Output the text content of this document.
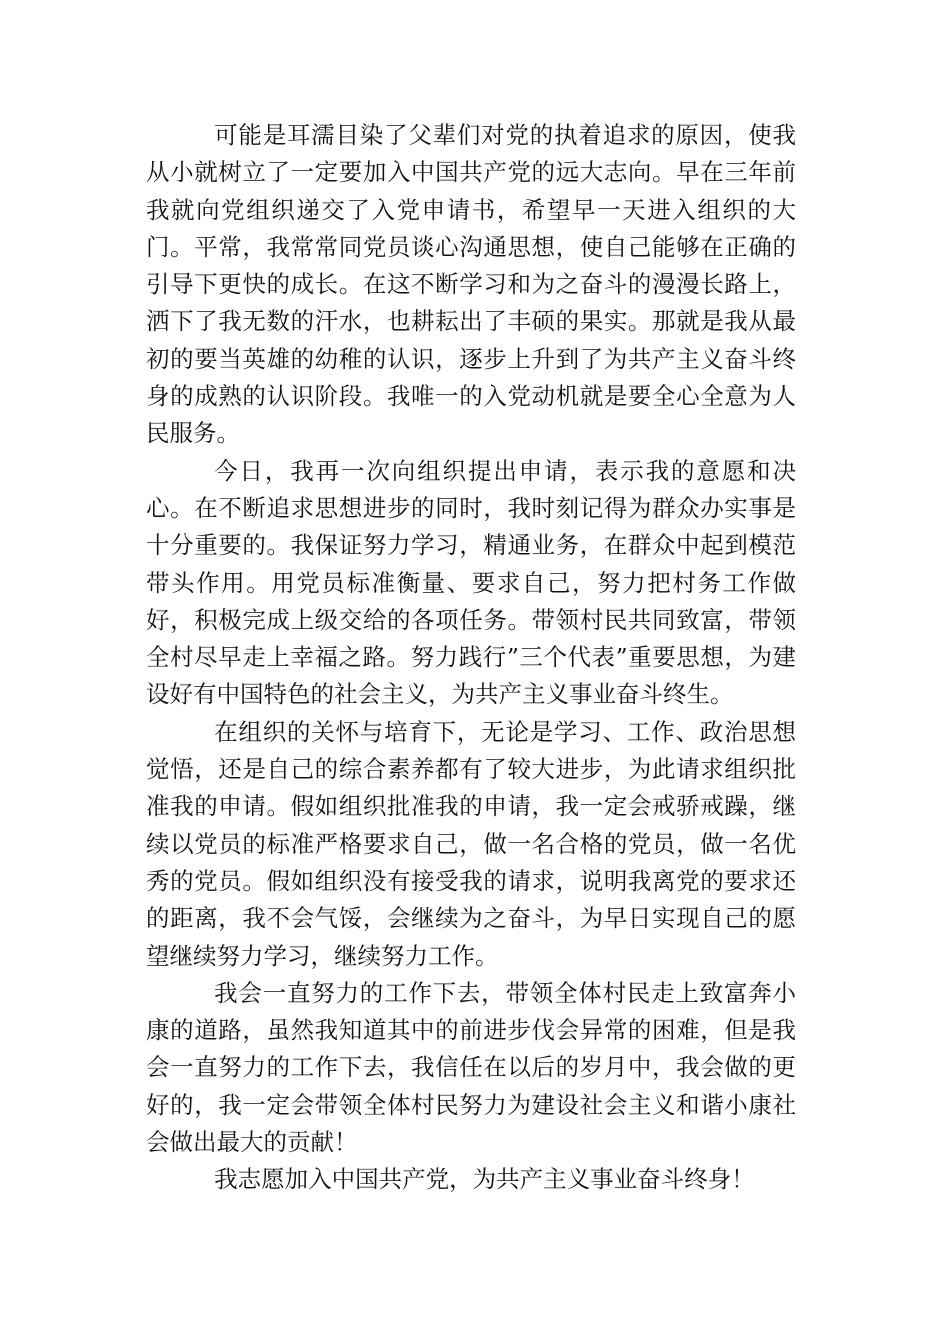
可能是耳濡目染了父辈们对党的执着追求的原因，使我从小就树立了一定要加入中国共产党的远大志向。早在三年前我就向党组织递交了入党申请书，希望早一天进入组织的大门。平常，我常常同党员谈心沟通思想，使自己能够在正确的引导下更快的成长。在这不断学习和为之奋斗的漫漫长路上，洒下了我无数的汗水，也耕耘出了丰硕的果实。那就是我从最初的要当英雄的幼稚的认识，逐步上升到了为共产主义奋斗终身的成熟的认识阶段。我唯一的入党动机就是要全心全意为人民服务。

今日，我再一次向组织提出申请，表示我的意愿和决心。在不断追求思想进步的同时，我时刻记得为群众办实事是十分重要的。我保证努力学习，精通业务，在群众中起到模范带头作用。用党员标准衡量、要求自己，努力把村务工作做好，积极完成上级交给的各项任务。带领村民共同致富，带领全村尽早走上幸福之路。努力践行”三个代表”重要思想，为建设好有中国特色的社会主义，为共产主义事业奋斗终生。

在组织的关怀与培育下，无论是学习、工作、政治思想觉悟，还是自己的综合素养都有了较大进步，为此请求组织批准我的申请。假如组织批准我的申请，我一定会戒骄戒躁，继续以党员的标准严格要求自己，做一名合格的党员，做一名优秀的党员。假如组织没有接受我的请求，说明我离党的要求还的距离，我不会气馁，会继续为之奋斗，为早日实现自己的愿望继续努力学习，继续努力工作。

我会一直努力的工作下去，带领全体村民走上致富奔小康的道路，虽然我知道其中的前进步伐会异常的困难，但是我会一直努力的工作下去，我信任在以后的岁月中，我会做的更好的，我一定会带领全体村民努力为建设社会主义和谐小康社会做出最大的贡献！

我志愿加入中国共产党，为共产主义事业奋斗终身！
